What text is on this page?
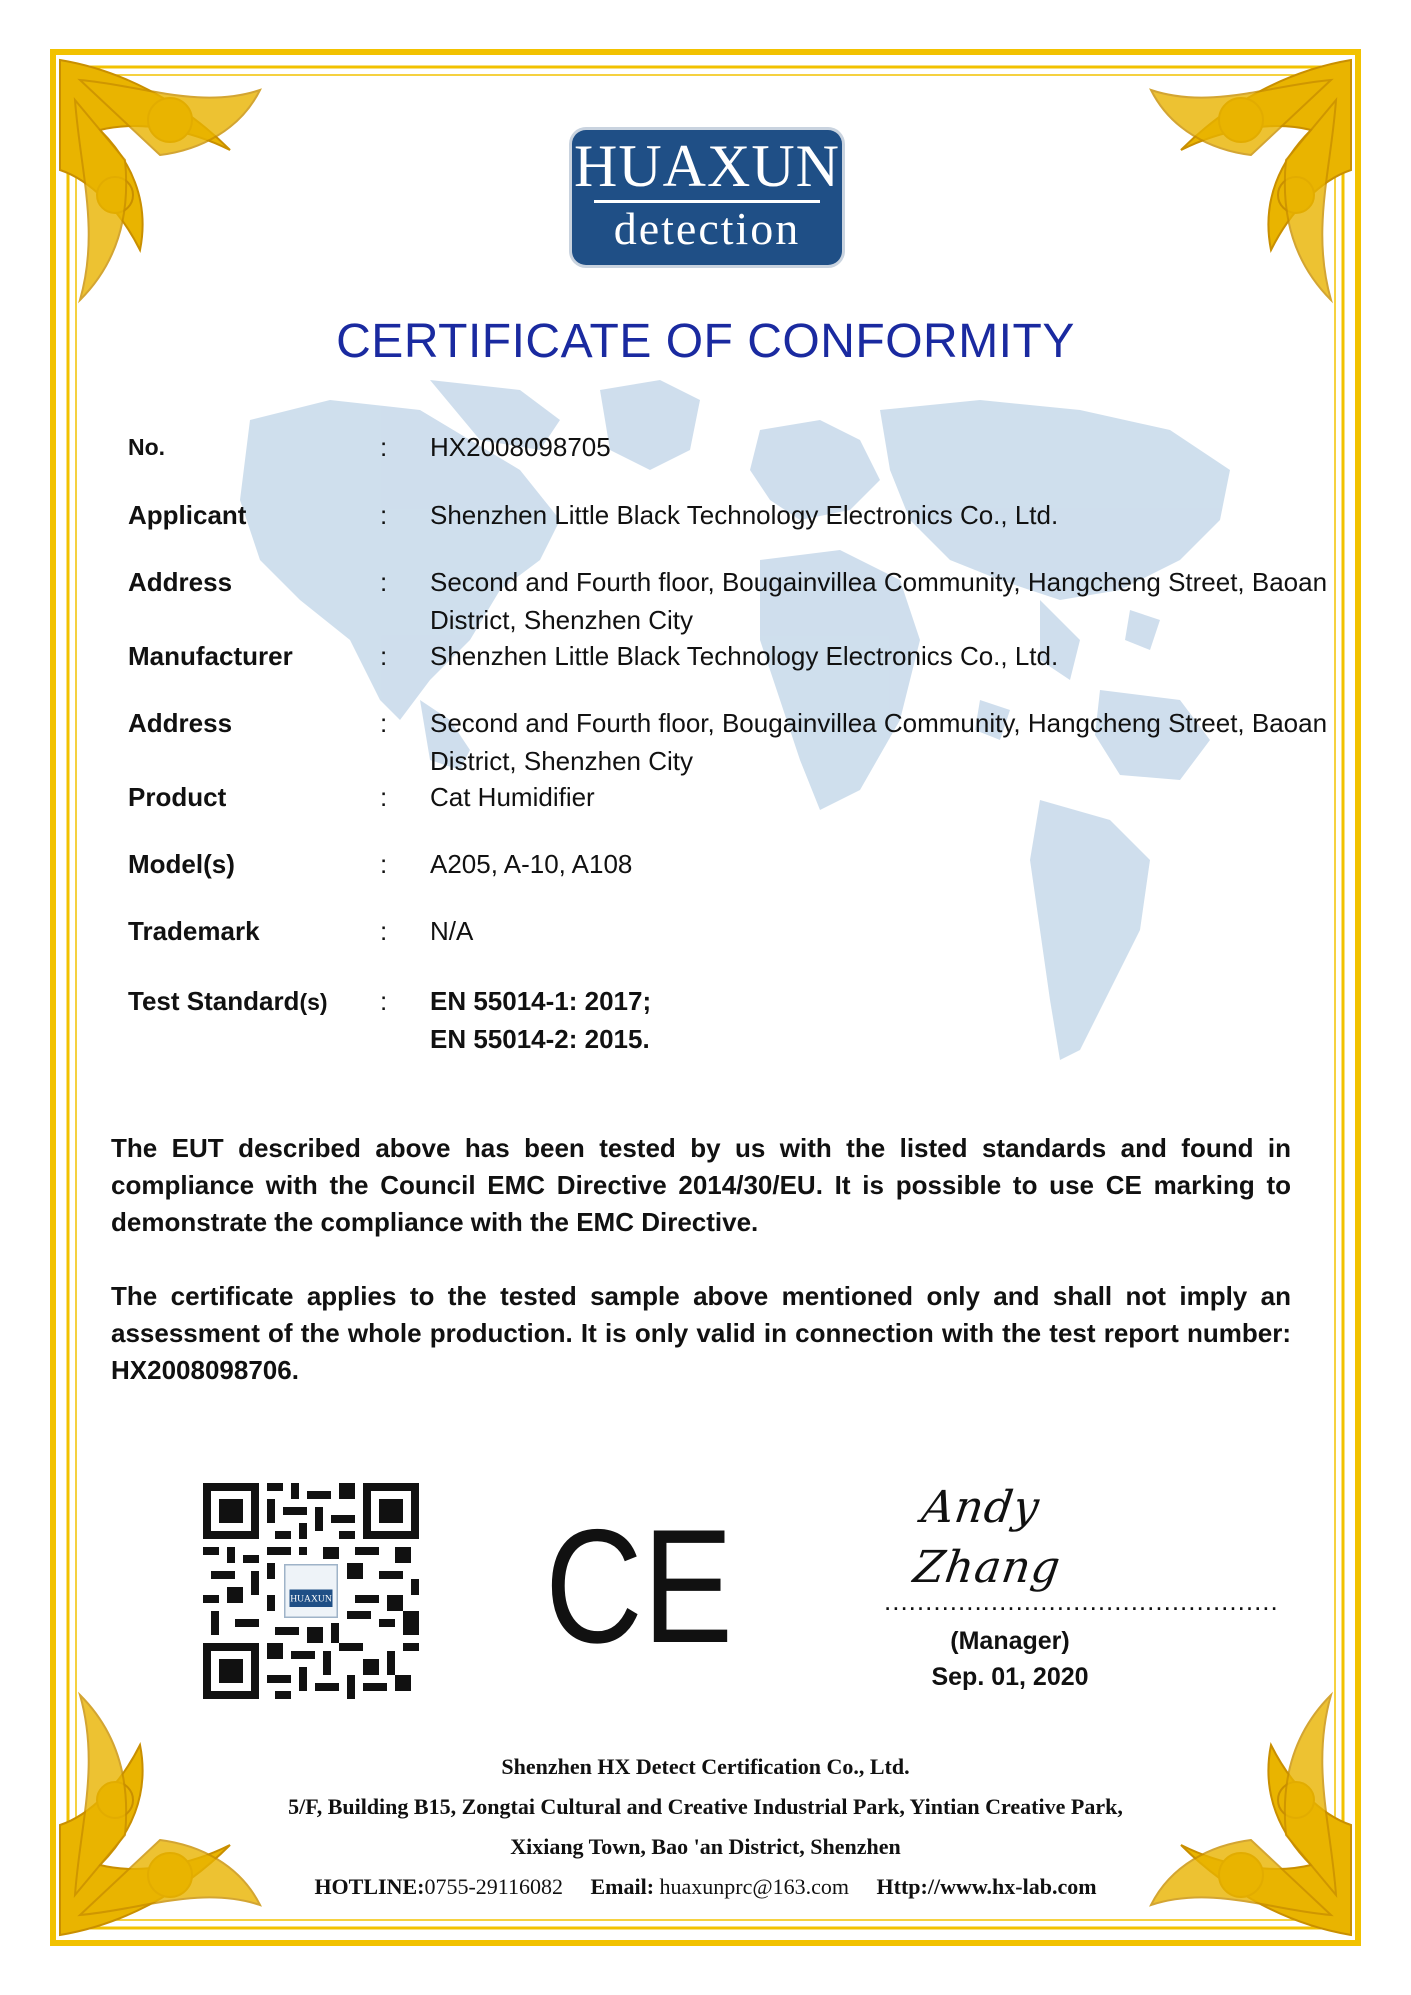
HUAXUN
detection
CERTIFICATE OF CONFORMITY
No.	: HX2008098705
Applicant	: Shenzhen Little Black Technology Electronics Co., Ltd.
Address	: Second and Fourth floor, Bougainvillea Community, Hangcheng Street, Baoan District, Shenzhen City
Manufacturer	: Shenzhen Little Black Technology Electronics Co., Ltd.
Address	: Second and Fourth floor, Bougainvillea Community, Hangcheng Street, Baoan District, Shenzhen City
Product	: Cat Humidifier
Model(s)	: A205, A-10, A108
Trademark	: N/A
Test Standard(s) : EN 55014-1: 2017;
EN 55014-2: 2015.
The EUT described above has been tested by us with the listed standards and found in compliance with the Council EMC Directive 2014/30/EU. It is possible to use CE marking to demonstrate the compliance with the EMC Directive.
The certificate applies to the tested sample above mentioned only and shall not imply an assessment of the whole production. It is only valid in connection with the test report number: HX2008098706.
HUAXUN CE	Andy Zhang
................................................
(Manager)
Sep. 01, 2020
Shenzhen HX Detect Certification Co., Ltd.
5/F, Building B15, Zongtai Cultural and Creative Industrial Park, Yintian Creative Park,
Xixiang Town, Bao 'an District, Shenzhen
HOTLINE:0755-29116082 Email: huaxunprc@163.com Http://www.hx-lab.com
